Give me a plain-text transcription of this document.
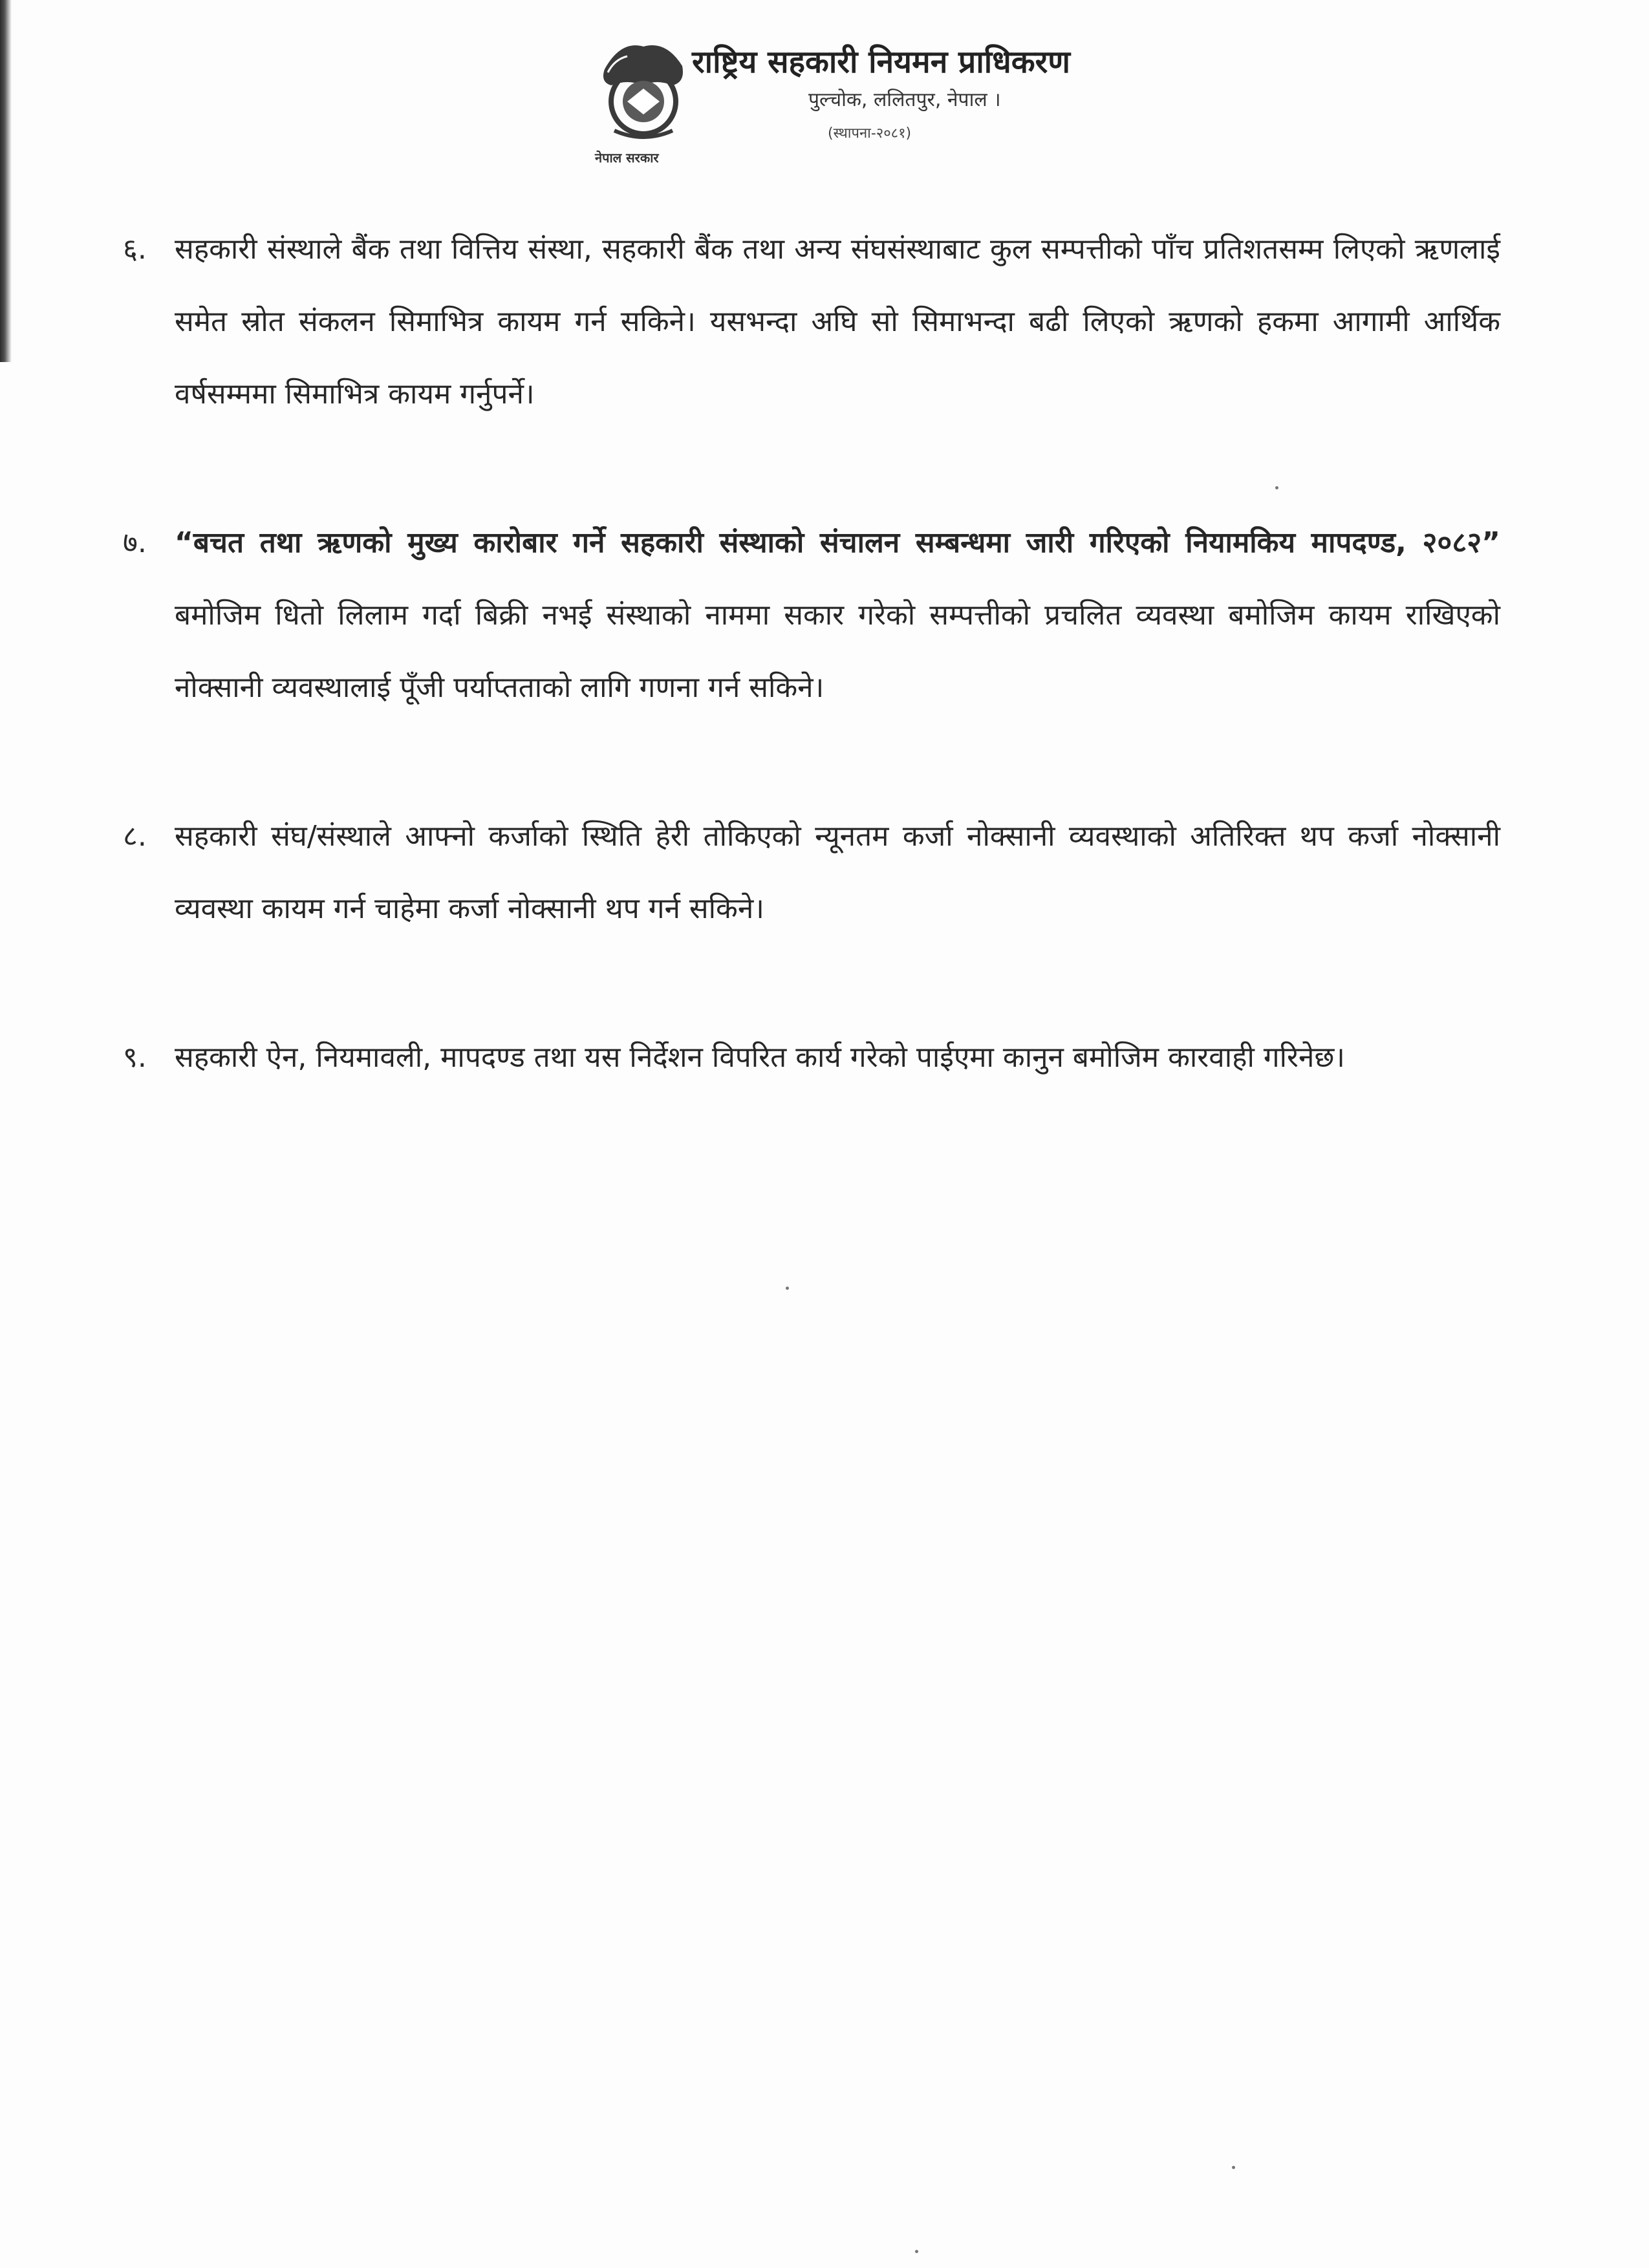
नेपाल सरकार
राष्ट्रिय सहकारी नियमन प्राधिकरण
पुल्चोक, ललितपुर, नेपाल ।
(स्थापना-२०८१)
६. सहकारी संस्थाले बैंक तथा वित्तिय संस्था, सहकारी बैंक तथा अन्य संघसंस्थाबाट कुल सम्पत्तीको पाँच प्रतिशतसम्म लिएको ऋणलाई समेत स्रोत संकलन सिमाभित्र कायम गर्न सकिने। यसभन्दा अघि सो सिमाभन्दा बढी लिएको ऋणको हकमा आगामी आर्थिक वर्षसम्ममा सिमाभित्र कायम गर्नुपर्ने।
७. “बचत तथा ऋणको मुख्य कारोबार गर्ने सहकारी संस्थाको संचालन सम्बन्धमा जारी गरिएको नियामकिय मापदण्ड, २०८२” बमोजिम धितो लिलाम गर्दा बिक्री नभई संस्थाको नाममा सकार गरेको सम्पत्तीको प्रचलित व्यवस्था बमोजिम कायम राखिएको नोक्सानी व्यवस्थालाई पूँजी पर्याप्तताको लागि गणना गर्न सकिने।
८. सहकारी संघ/संस्थाले आफ्नो कर्जाको स्थिति हेरी तोकिएको न्यूनतम कर्जा नोक्सानी व्यवस्थाको अतिरिक्त थप कर्जा नोक्सानी व्यवस्था कायम गर्न चाहेमा कर्जा नोक्सानी थप गर्न सकिने।
९. सहकारी ऐन, नियमावली, मापदण्ड तथा यस निर्देशन विपरित कार्य गरेको पाईएमा कानुन बमोजिम कारवाही गरिनेछ।
